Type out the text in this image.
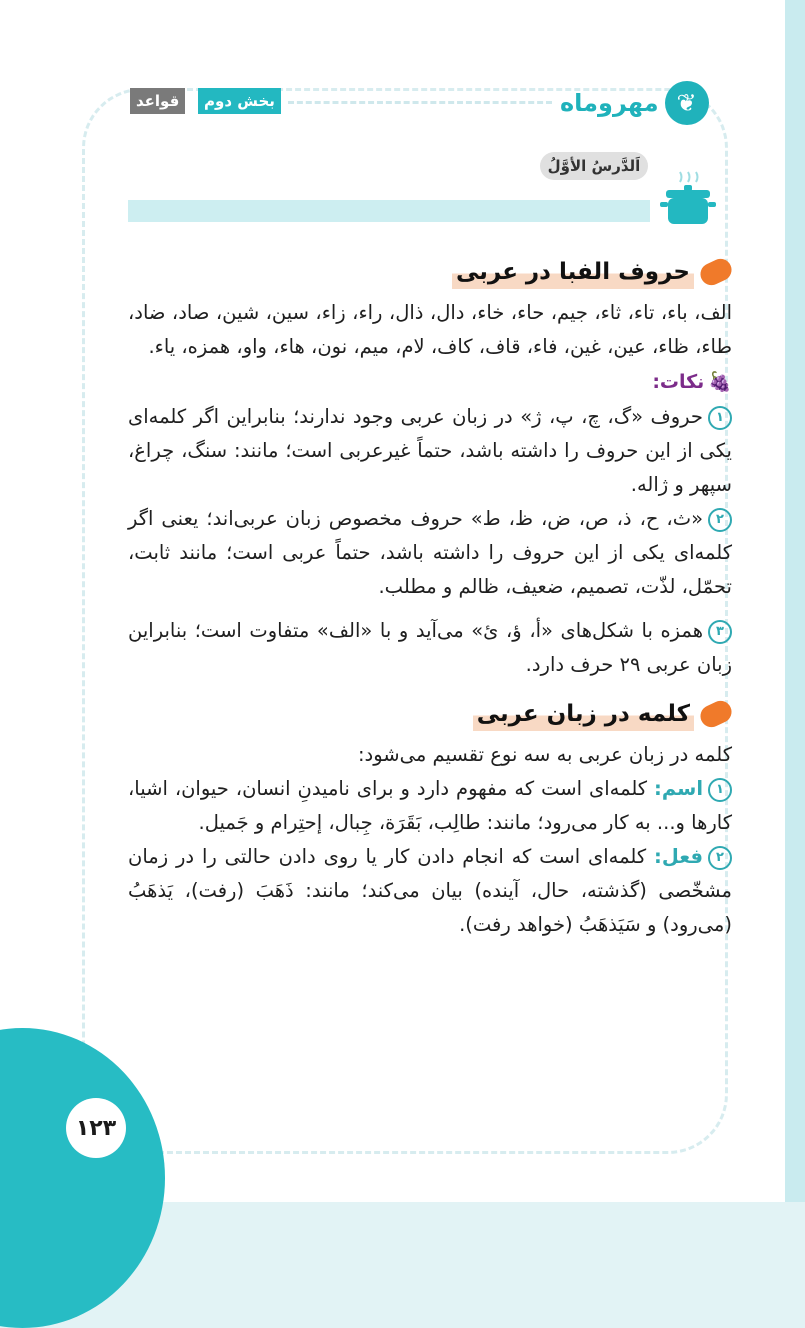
قواعد	بخش دوم	مهروماه ❦
اَلدَّرسُ الأوَّلُ
حروف الفبا در عربی

الف، باء، تاء، ثاء، جیم، حاء، خاء، دال، ذال، راء، زاء، سین، شین، صاد، ضاد، طاء، ظاء، عین، غین، فاء، قاف، کاف، لام، میم، نون، هاء، واو، همزه، یاء.

🍇
نکات:

۱حروف «گ، چ، پ، ژ» در زبان عربی وجود ندارند؛ بنابراین اگر کلمه‌ای یکی از این حروف را داشته باشد، حتماً غیرعربی است؛ مانند: سنگ، چراغ، سپهر و ژاله.

۲«ث، ح، ذ، ص، ض، ظ، ط» حروف مخصوص زبان عربی‌اند؛ یعنی اگر کلمه‌ای یکی از این حروف را داشته باشد، حتماً عربی است؛ مانند ثابت، تحمّل، لذّت، تصمیم، ضعیف، ظالم و مطلب.

۳همزه با شکل‌های «أ، ؤ، ئ» می‌آید و با «الف» متفاوت است؛ بنابراین زبان عربی ۲۹ حرف دارد.

کلمه در زبان عربی

کلمه در زبان عربی به سه نوع تقسیم می‌شود:

۱اسم: کلمه‌ای است که مفهوم دارد و برای نامیدنِ انسان، حیوان، اشیا، کارها و... به کار می‌رود؛ مانند: طالِب، بَقَرَة، جِبال، إحتِرام و جَمیل.

۲فعل: کلمه‌ای است که انجام دادن کار یا روی دادن حالتی را در زمان مشخّصی (گذشته، حال، آینده) بیان می‌کند؛ مانند: ذَهَبَ (رفت)، یَذهَبُ (می‌رود) و سَیَذهَبُ (خواهد رفت).

۱۲۳
